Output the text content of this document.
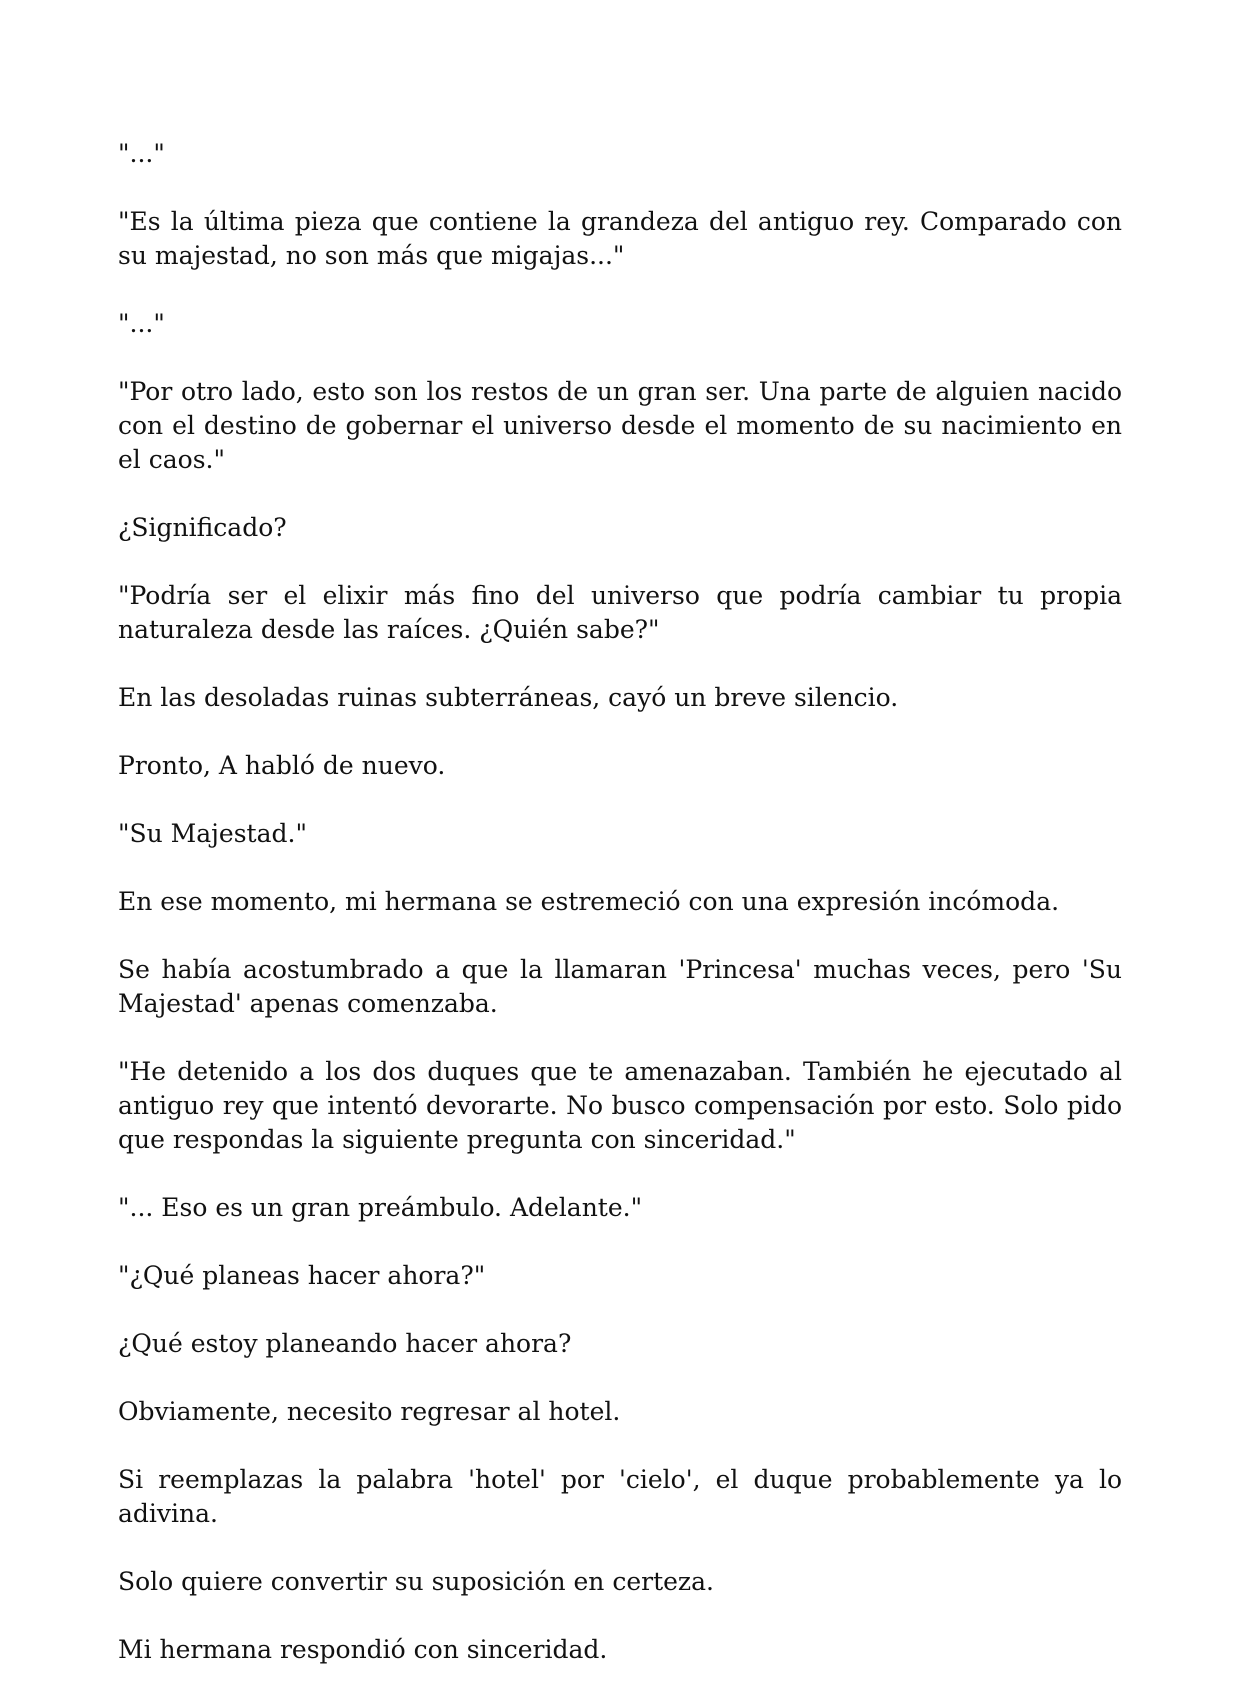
"..."

"Es la última pieza que contiene la grandeza del antiguo rey. Comparado con su majestad, no son más que migajas..."

"..."

"Por otro lado, esto son los restos de un gran ser. Una parte de alguien nacido con el destino de gobernar el universo desde el momento de su nacimiento en el caos."

¿Significado?

"Podría ser el elixir más fino del universo que podría cambiar tu propia naturaleza desde las raíces. ¿Quién sabe?"

En las desoladas ruinas subterráneas, cayó un breve silencio.

Pronto, A habló de nuevo.

"Su Majestad."

En ese momento, mi hermana se estremeció con una expresión incómoda.

Se había acostumbrado a que la llamaran 'Princesa' muchas veces, pero 'Su Majestad' apenas comenzaba.

"He detenido a los dos duques que te amenazaban. También he ejecutado al antiguo rey que intentó devorarte. No busco compensación por esto. Solo pido que respondas la siguiente pregunta con sinceridad."

"... Eso es un gran preámbulo. Adelante."

"¿Qué planeas hacer ahora?"

¿Qué estoy planeando hacer ahora?

Obviamente, necesito regresar al hotel.

Si reemplazas la palabra 'hotel' por 'cielo', el duque probablemente ya lo adivina.

Solo quiere convertir su suposición en certeza.

Mi hermana respondió con sinceridad.
